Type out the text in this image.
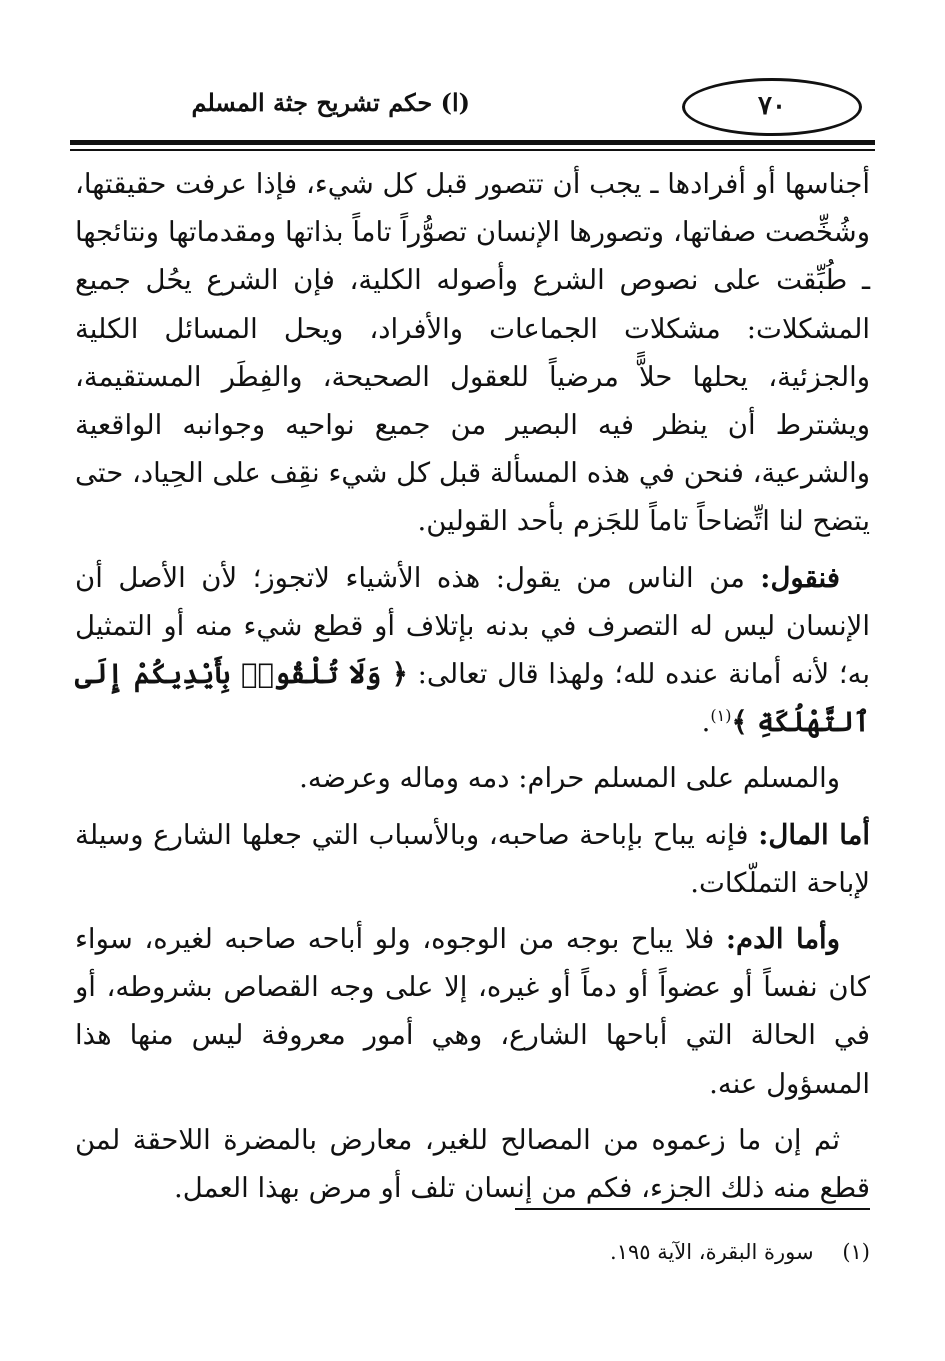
(ا) حكم تشريح جثة المسلم	٧٠

أجناسها أو أفرادها ـ يجب أن تتصور قبل كل شيء، فإذا عرفت حقيقتها، وشُخِّصت صفاتها، وتصورها الإنسان تصوُّراً تاماً بذاتها ومقدماتها ونتائجها ـ طُبِّقت على نصوص الشرع وأصوله الكلية، فإن الشرع يحُل جميع المشكلات: مشكلات الجماعات والأفراد، ويحل المسائل الكلية والجزئية، يحلها حلاًّ مرضياً للعقول الصحيحة، والفِطَر المستقيمة، ويشترط أن ينظر فيه البصير من جميع نواحيه وجوانبه الواقعية والشرعية، فنحن في هذه المسألة قبل كل شيء نقِف على الحِياد، حتى يتضح لنا اتِّضاحاً تاماً للجَزم بأحد القولين.

فنقول: من الناس من يقول: هذه الأشياء لاتجوز؛ لأن الأصل أن الإنسان ليس له التصرف في بدنه بإتلاف أو قطع شيء منه أو التمثيل به؛ لأنه أمانة عنده لله؛ ولهذا قال تعالى: ﴿ وَلَا تُلْقُوا۟ بِأَيْدِيكُمْ إِلَى ٱلتَّهْلُكَةِ ﴾$^{(١)}$.

والمسلم على المسلم حرام: دمه وماله وعرضه.

أما المال: فإنه يباح بإباحة صاحبه، وبالأسباب التي جعلها الشارع وسيلة لإباحة التملّكات.

وأما الدم: فلا يباح بوجه من الوجوه، ولو أباحه صاحبه لغيره، سواء كان نفساً أو عضواً أو دماً أو غيره، إلا على وجه القصاص بشروطه، أو في الحالة التي أباحها الشارع، وهي أمور معروفة ليس منها هذا المسؤول عنه.

ثم إن ما زعموه من المصالح للغير، معارض بالمضرة اللاحقة لمن قطع منه ذلك الجزء، فكم من إنسان تلف أو مرض بهذا العمل.

(١) سورة البقرة، الآية ١٩٥.
